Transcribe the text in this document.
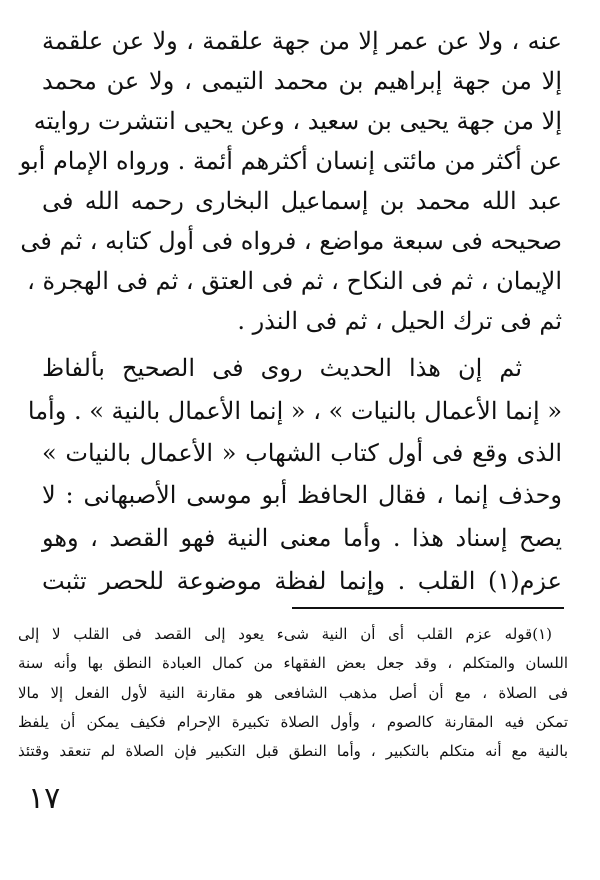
عنه ، ولا عن عمر إلا من جهة علقمة ، ولا عن علقمة
إلا من جهة إبراهيم بن محمد التيمى ، ولا عن محمد
إلا من جهة يحيى بن سعيد ، وعن يحيى انتشرت روايته
عن أكثر من مائتى إنسان أكثرهم أئمة . ورواه الإمام أبو
عبد الله محمد بن إسماعيل البخارى رحمه الله فى
صحيحه فى سبعة مواضع ، فرواه فى أول كتابه ، ثم فى
الإيمان ، ثم فى النكاح ، ثم فى العتق ، ثم فى الهجرة ،
ثم فى ترك الحيل ، ثم فى النذر .
ثم إن هذا الحديث روى فى الصحيح بألفاظ
« إنما الأعمال بالنيات » ، « إنما الأعمال بالنية » . وأما
الذى وقع فى أول كتاب الشهاب « الأعمال بالنيات »
وحذف إنما ، فقال الحافظ أبو موسى الأصبهانى : لا
يصح إسناد هذا . وأما معنى النية فهو القصد ، وهو
(١)قوله عزم القلب أى أن النية شىء يعود إلى القصد فى القلب لا إلى
اللسان والمتكلم ، وقد جعل بعض الفقهاء من كمال العبادة النطق بها وأنه سنة
فى الصلاة ، مع أن أصل مذهب الشافعى هو مقارنة النية لأول الفعل إلا مالا
تمكن فيه المقارنة كالصوم ، وأول الصلاة تكبيرة الإحرام فكيف يمكن أن يلفظ
بالنية مع أنه متكلم بالتكبير ، وأما النطق قبل التكبير فإن الصلاة لم تنعقد وقتئذ
١٧
عزم(١) القلب . وإنما لفظة موضوعة للحصر تثبت
